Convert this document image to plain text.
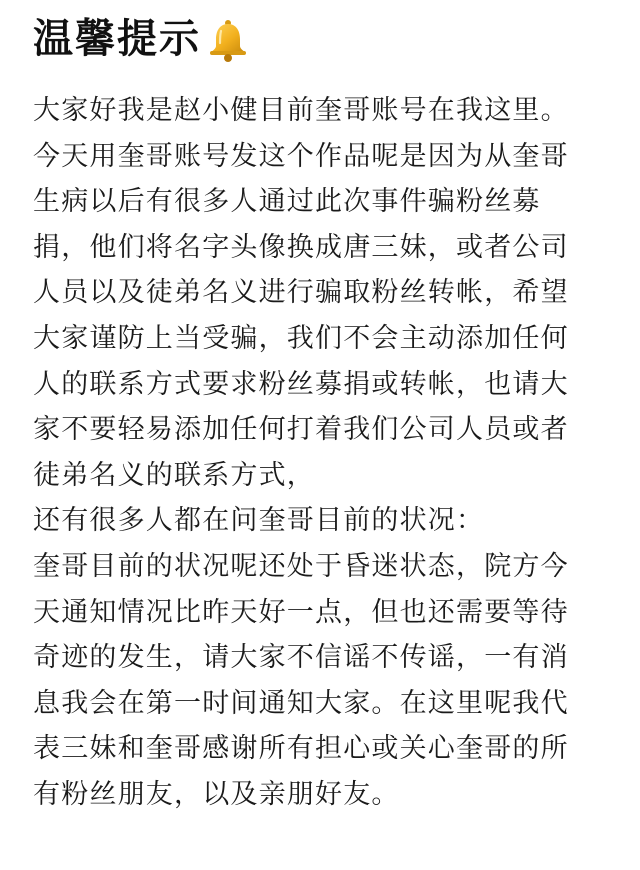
温馨提示
大家好我是赵小健目前奎哥账号在我这里。
今天用奎哥账号发这个作品呢是因为从奎哥
生病以后有很多人通过此次事件骗粉丝募
捐，他们将名字头像换成唐三妹，或者公司
人员以及徒弟名义进行骗取粉丝转帐，希望
大家谨防上当受骗，我们不会主动添加任何
人的联系方式要求粉丝募捐或转帐，也请大
家不要轻易添加任何打着我们公司人员或者
徒弟名义的联系方式，
还有很多人都在问奎哥目前的状况：
奎哥目前的状况呢还处于昏迷状态，院方今
天通知情况比昨天好一点，但也还需要等待
奇迹的发生，请大家不信谣不传谣，一有消
息我会在第一时间通知大家。在这里呢我代
表三妹和奎哥感谢所有担心或关心奎哥的所
有粉丝朋友，以及亲朋好友。
